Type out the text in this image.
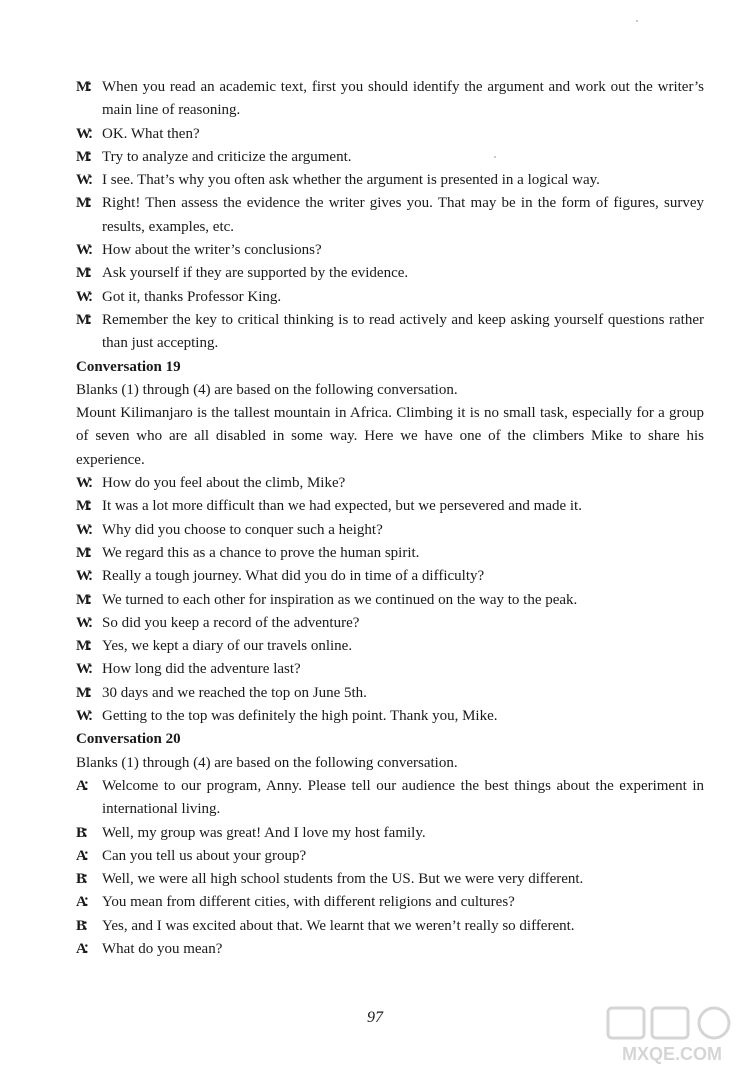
M： When you read an academic text, first you should identify the argument and work out the writer’s main line of reasoning.

W： OK. What then?

M： Try to analyze and criticize the argument.

W： I see. That’s why you often ask whether the argument is presented in a logical way.

M： Right! Then assess the evidence the writer gives you. That may be in the form of figures, survey results, examples, etc.

W： How about the writer’s conclusions?

M： Ask yourself if they are supported by the evidence.

W： Got it, thanks Professor King.

M： Remember the key to critical thinking is to read actively and keep asking yourself questions rather than just accepting.

Conversation 19

Blanks (1) through (4) are based on the following conversation.

Mount Kilimanjaro is the tallest mountain in Africa. Climbing it is no small task, especially for a group of seven who are all disabled in some way. Here we have one of the climbers Mike to share his experience.

W： How do you feel about the climb, Mike?

M： It was a lot more difficult than we had expected, but we persevered and made it.

W： Why did you choose to conquer such a height?

M： We regard this as a chance to prove the human spirit.

W： Really a tough journey. What did you do in time of a difficulty?

M： We turned to each other for inspiration as we continued on the way to the peak.

W： So did you keep a record of the adventure?

M： Yes, we kept a diary of our travels online.

W： How long did the adventure last?

M： 30 days and we reached the top on June 5th.

W： Getting to the top was definitely the high point. Thank you, Mike.

Conversation 20

Blanks (1) through (4) are based on the following conversation.

A： Welcome to our program, Anny. Please tell our audience the best things about the experiment in international living.

B： Well, my group was great! And I love my host family.

A： Can you tell us about your group?

B： Well, we were all high school students from the US. But we were very different.

A： You mean from different cities, with different religions and cultures?

B： Yes, and I was excited about that. We learnt that we weren’t really so different.

A： What do you mean?

97
MXQE.COM
